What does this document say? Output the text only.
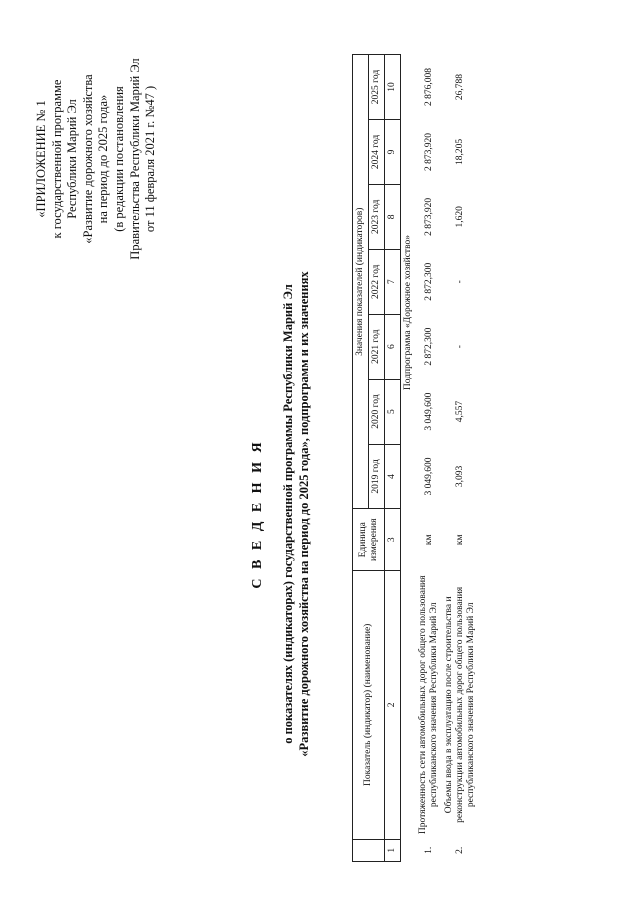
«ПРИЛОЖЕНИЕ № 1 к государственной программе Республики Марий Эл «Развитие дорожного хозяйства на период до 2025 года» (в редакции постановления Правительства Республики Марий Эл от 11 февраля 2021 г. №47 )
С В Е Д Е Н И Я о показателях (индикаторах) государственной программы Республики Марий Эл «Развитие дорожного хозяйства на период до 2025 года», подпрограмм и их значениях
		Показатель (индикатор) (наименование)	Единица измерения	Значения показателей (индикаторов)						
			2019 год	2020 год	2021 год	2022 год	2023 год	2024 год	2025 год
1	2	3	4	5	6	7	8	9	10
		Подпрограмма «Дорожное хозяйство»							
1.	Протяженность сети автомобильных дорог общего пользования республиканского значения Республики Марий Эл	км	3 049,600	3 049,600	2 872,300	2 872,300	2 873,920	2 873,920	2 876,008
2.	Объемы ввода в эксплуатацию после строительства и реконструкции автомобильных дорог общего пользования республиканского значения Республики Марий Эл	км	3,093	4,557	-	-	1,620	18,205	26,788
